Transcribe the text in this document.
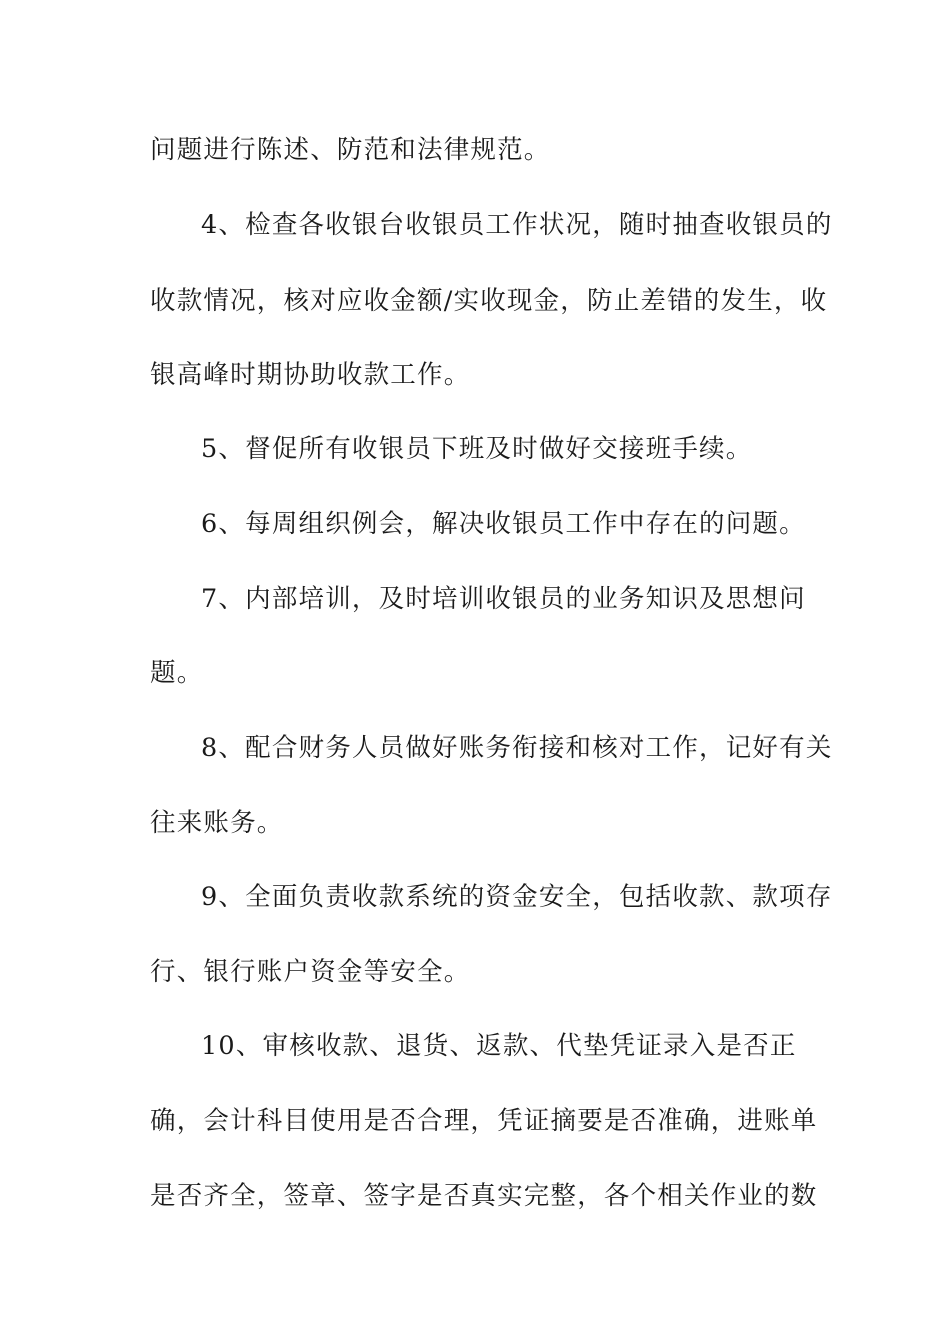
问题进行陈述、防范和法律规范。
4、检查各收银台收银员工作状况，随时抽查收银员的
收款情况，核对应收金额/实收现金，防止差错的发生，收
银高峰时期协助收款工作。
5、督促所有收银员下班及时做好交接班手续。
6、每周组织例会，解决收银员工作中存在的问题。
7、内部培训，及时培训收银员的业务知识及思想问
题。
8、配合财务人员做好账务衔接和核对工作，记好有关
往来账务。
9、全面负责收款系统的资金安全，包括收款、款项存
行、银行账户资金等安全。
10、审核收款、退货、返款、代垫凭证录入是否正
确，会计科目使用是否合理，凭证摘要是否准确，进账单
是否齐全，签章、签字是否真实完整，各个相关作业的数
